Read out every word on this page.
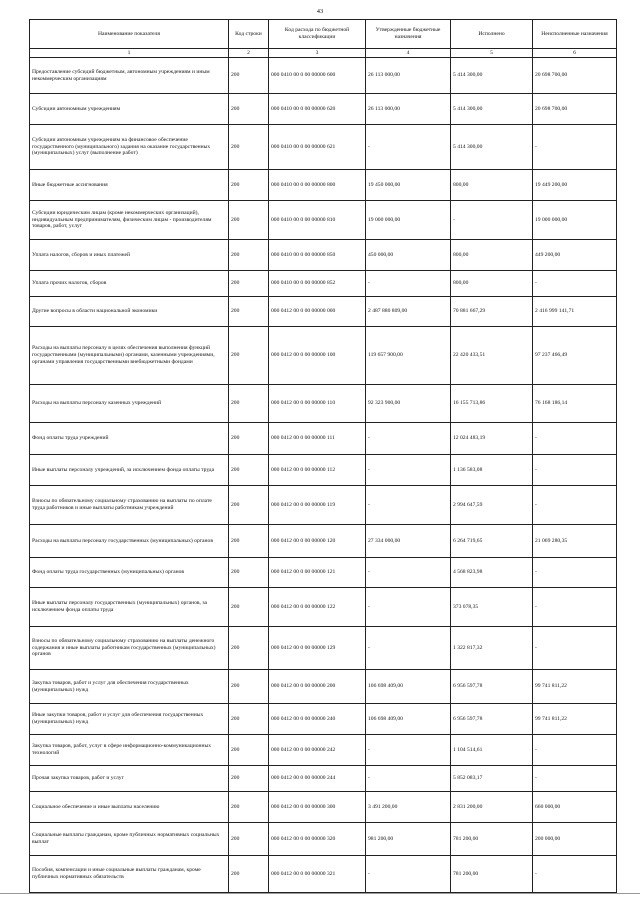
43
Наименование показателя	Код строки	Код расхода по бюджетной классификации	Утвержденные бюджетные назначения	Исполнено	Неисполненные назначения
1	2	3	4	5	6
Предоставление субсидий бюджетным, автономным учреждениям и иным некоммерческим организациям	200	000 0410 00 0 00 00000 600	26 113 000,00	5 414 300,00	20 698 700,00
Субсидии автономным учреждениям	200	000 0410 00 0 00 00000 620	26 113 000,00	5 414 300,00	20 698 700,00
Субсидии автономным учреждениям на финансовое обеспечение государственного (муниципального) задания на оказание государственных (муниципальных) услуг (выполнение работ)	200	000 0410 00 0 00 00000 621	-	5 414 300,00	-
Иные бюджетные ассигнования	200	000 0410 00 0 00 00000 800	19 450 000,00	800,00	19 449 200,00
Субсидии юридическим лицам (кроме некоммерческих организаций), индивидуальным предпринимателям, физическим лицам - производителям товаров, работ, услуг	200	000 0410 00 0 00 00000 810	19 000 000,00	-	19 000 000,00
Уплата налогов, сборов и иных платежей	200	000 0410 00 0 00 00000 850	450 000,00	800,00	449 200,00
Уплата прочих налогов, сборов	200	000 0410 00 0 00 00000 852	-	800,00	-
Другие вопросы в области национальной экономики	200	000 0412 00 0 00 00000 000	2 487 880 809,00	70 881 667,29	2 416 999 141,71
Расходы на выплаты персоналу в целях обеспечения выполнения функций государственными (муниципальными) органами, казенными учреждениями, органами управления государственными внебюджетными фондами	200	000 0412 00 0 00 00000 100	119 657 900,00	22 420 433,51	97 237 466,49
Расходы на выплаты персоналу казенных учреждений	200	000 0412 00 0 00 00000 110	92 323 900,00	16 155 713,86	76 168 186,14
Фонд оплаты труда учреждений	200	000 0412 00 0 00 00000 111	-	12 024 483,19	-
Иные выплаты персоналу учреждений, за исключением фонда оплаты труда	200	000 0412 00 0 00 00000 112	-	1 136 583,08	-
Взносы по обязательному социальному страхованию на выплаты по оплате труда работников и иные выплаты работникам учреждений	200	000 0412 00 0 00 00000 119	-	2 994 647,59	-
Расходы на выплаты персоналу государственных (муниципальных) органов	200	000 0412 00 0 00 00000 120	27 334 000,00	6 264 719,65	21 069 280,35
Фонд оплаты труда государственных (муниципальных) органов	200	000 0412 00 0 00 00000 121	-	4 568 823,98	-
Иные выплаты персоналу государственных (муниципальных) органов, за исключением фонда оплаты труда	200	000 0412 00 0 00 00000 122	-	373 078,35	-
Взносы по обязательному социальному страхованию на выплаты денежного содержания и иные выплаты работникам государственных (муниципальных) органов	200	000 0412 00 0 00 00000 129	-	1 322 817,32	-
Закупка товаров, работ и услуг для обеспечения государственных (муниципальных) нужд	200	000 0412 00 0 00 00000 200	106 698 409,00	6 956 597,78	99 741 811,22
Иные закупки товаров, работ и услуг для обеспечения государственных (муниципальных) нужд	200	000 0412 00 0 00 00000 240	106 698 409,00	6 956 597,78	99 741 811,22
Закупка товаров, работ, услуг в сфере информационно-коммуникационных технологий	200	000 0412 00 0 00 00000 242	-	1 104 514,61	-
Прочая закупка товаров, работ и услуг	200	000 0412 00 0 00 00000 244	-	5 852 083,17	-
Социальное обеспечение и иные выплаты населению	200	000 0412 00 0 00 00000 300	3 491 200,00	2 831 200,00	660 000,00
Социальные выплаты гражданам, кроме публичных нормативных социальных выплат	200	000 0412 00 0 00 00000 320	981 200,00	781 200,00	200 000,00
Пособия, компенсации и иные социальные выплаты гражданам, кроме публичных нормативных обязательств	200	000 0412 00 0 00 00000 321	-	781 200,00	-
